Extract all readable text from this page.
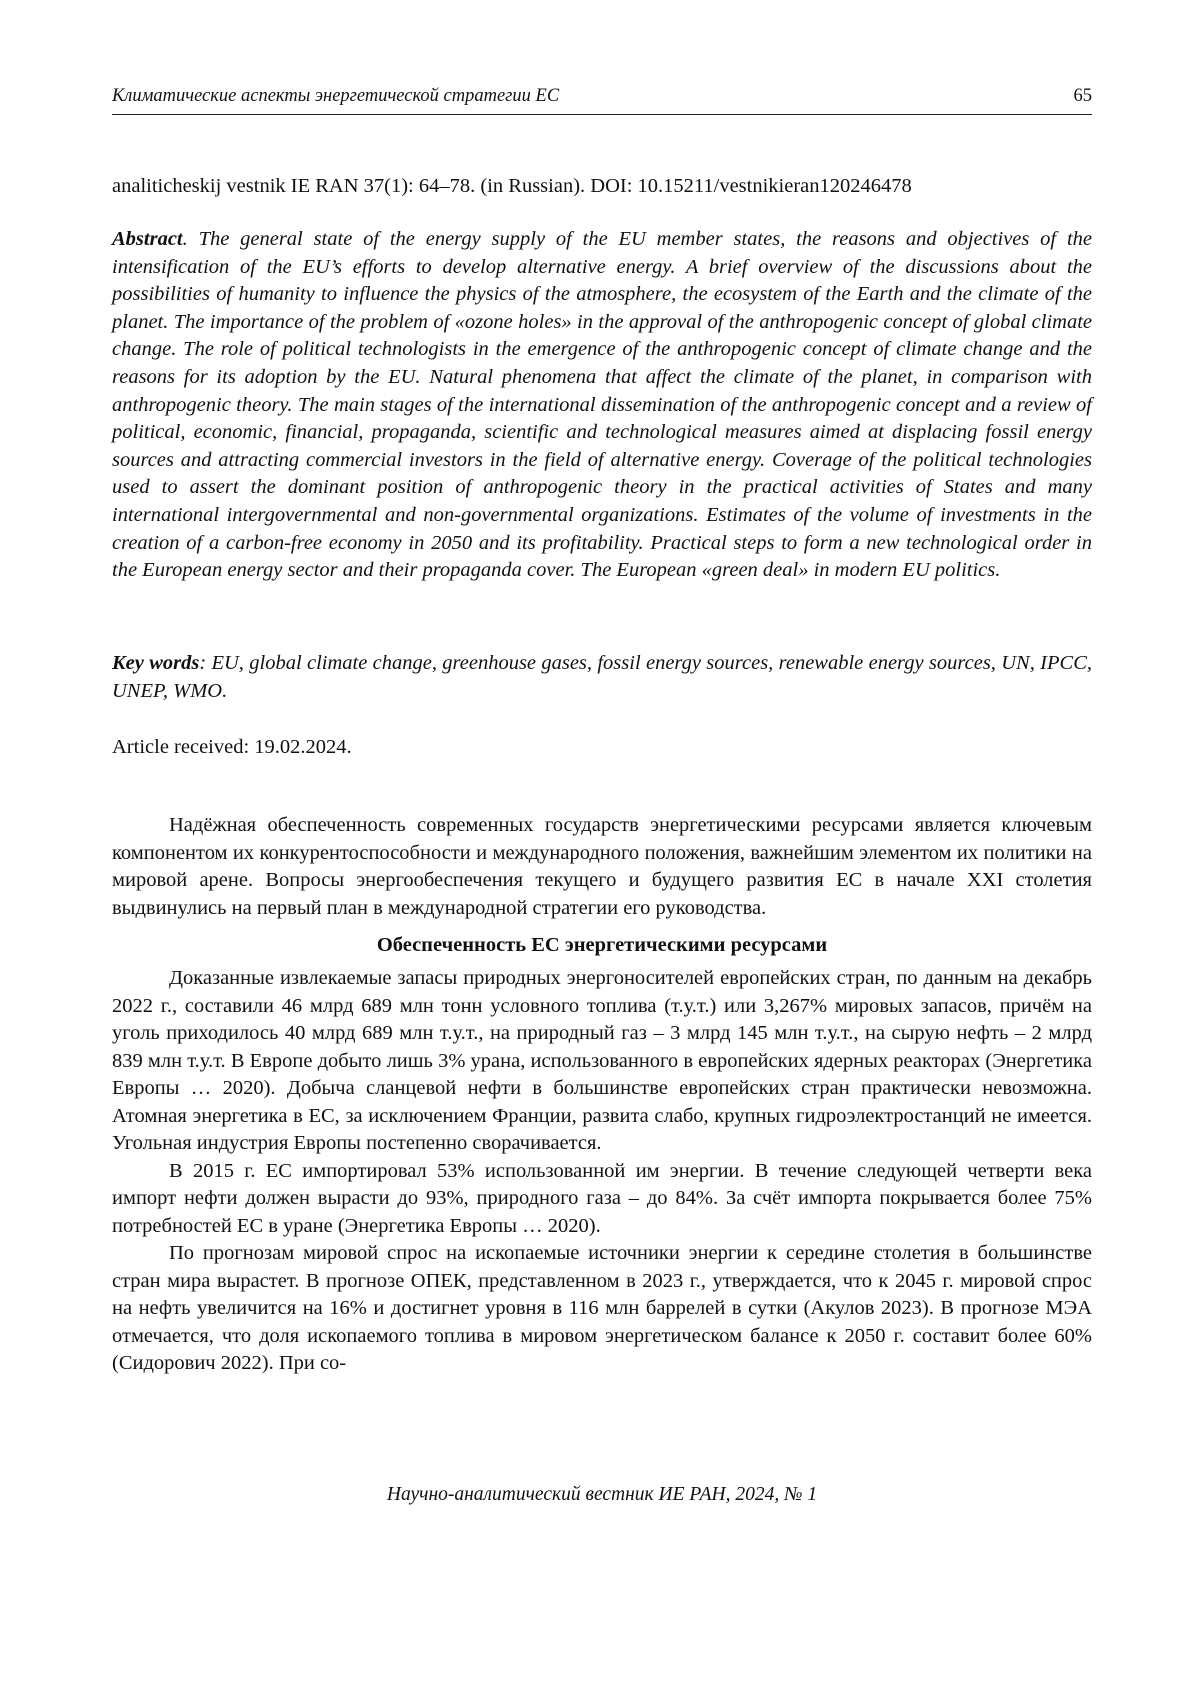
Климатические аспекты энергетической стратегии ЕС	65
analiticheskij vestnik IE RAN 37(1): 64–78. (in Russian). DOI: 10.15211/vestnikieran120246478
Abstract. The general state of the energy supply of the EU member states, the reasons and objectives of the intensification of the EU’s efforts to develop alternative energy. A brief overview of the discussions about the possibilities of humanity to influence the physics of the atmosphere, the ecosystem of the Earth and the climate of the planet. The importance of the problem of «ozone holes» in the approval of the anthropogenic concept of global climate change. The role of political technologists in the emergence of the anthropogenic concept of climate change and the reasons for its adoption by the EU. Natural phenomena that affect the climate of the planet, in comparison with anthropogenic theory. The main stages of the international dissemination of the anthropogenic concept and a review of political, economic, financial, propaganda, scientific and technological measures aimed at displacing fossil energy sources and attracting commercial investors in the field of alternative energy. Coverage of the political technologies used to assert the dominant position of anthropogenic theory in the practical activities of States and many international intergovernmental and non-governmental organizations. Estimates of the volume of investments in the creation of a carbon-free economy in 2050 and its profitability. Practical steps to form a new technological order in the European energy sector and their propaganda cover. The European «green deal» in modern EU politics.
Key words: EU, global climate change, greenhouse gases, fossil energy sources, renewable energy sources, UN, IPCC, UNEP, WMO.
Article received: 19.02.2024.

Надёжная обеспеченность современных государств энергетическими ресурсами является ключевым компонентом их конкурентоспособности и международного положения, важнейшим элементом их политики на мировой арене. Вопросы энергообеспечения текущего и будущего развития ЕС в начале XXI столетия выдвинулись на первый план в международной стратегии его руководства.

Обеспеченность ЕС энергетическими ресурсами

Доказанные извлекаемые запасы природных энергоносителей европейских стран, по данным на декабрь 2022 г., составили 46 млрд 689 млн тонн условного топлива (т.у.т.) или 3,267% мировых запасов, причём на уголь приходилось 40 млрд 689 млн т.у.т., на природный газ – 3 млрд 145 млн т.у.т., на сырую нефть – 2 млрд 839 млн т.у.т. В Европе добыто лишь 3% урана, использованного в европейских ядерных реакторах (Энергетика Европы … 2020). Добыча сланцевой нефти в большинстве европейских стран практически невозможна. Атомная энергетика в ЕС, за исключением Франции, развита слабо, крупных гидроэлектростанций не имеется. Угольная индустрия Европы постепенно сворачивается.

В 2015 г. ЕС импортировал 53% использованной им энергии. В течение следующей четверти века импорт нефти должен вырасти до 93%, природного газа – до 84%. За счёт импорта покрывается более 75% потребностей ЕС в уране (Энергетика Европы … 2020).

По прогнозам мировой спрос на ископаемые источники энергии к середине столетия в большинстве стран мира вырастет. В прогнозе ОПЕК, представленном в 2023 г., утверждается, что к 2045 г. мировой спрос на нефть увеличится на 16% и достигнет уровня в 116 млн баррелей в сутки (Акулов 2023). В прогнозе МЭА отмечается, что доля ископаемого топлива в мировом энергетическом балансе к 2050 г. составит более 60% (Сидорович 2022). При со-

Научно-аналитический вестник ИЕ РАН, 2024, № 1
